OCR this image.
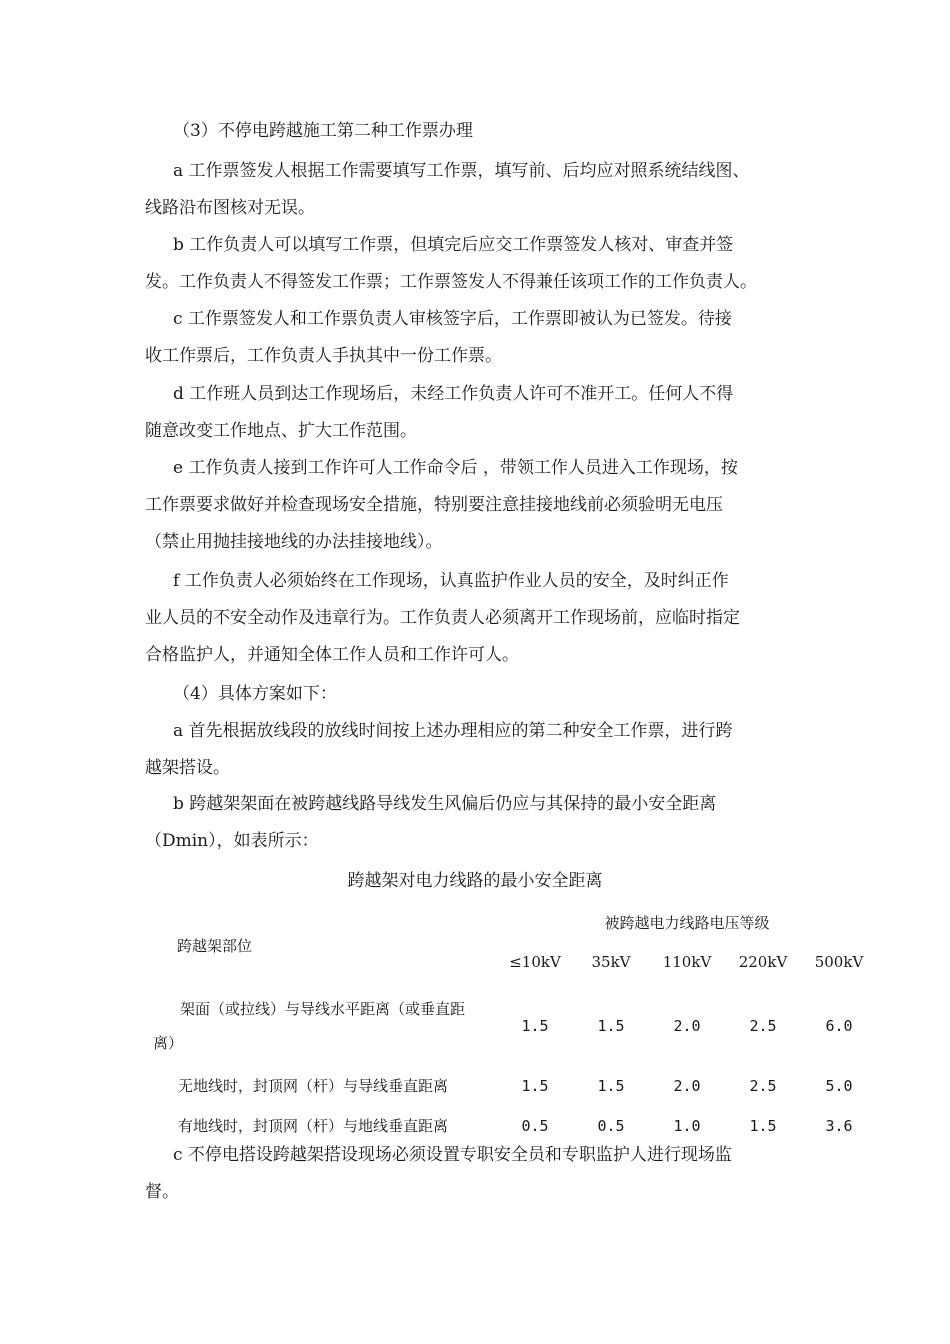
（3）不停电跨越施工第二种工作票办理

a 工作票签发人根据工作需要填写工作票，填写前、后均应对照系统结线图、
线路沿布图核对无误。

b 工作负责人可以填写工作票，但填完后应交工作票签发人核对、审查并签
发。工作负责人不得签发工作票；工作票签发人不得兼任该项工作的工作负责人。

c 工作票签发人和工作票负责人审核签字后，工作票即被认为已签发。待接
收工作票后，工作负责人手执其中一份工作票。

d 工作班人员到达工作现场后，未经工作负责人许可不准开工。任何人不得
随意改变工作地点、扩大工作范围。

e 工作负责人接到工作许可人工作命令后 ，带领工作人员进入工作现场，按
工作票要求做好并检查现场安全措施，特别要注意挂接地线前必须验明无电压
（禁止用抛挂接地线的办法挂接地线）。

f 工作负责人必须始终在工作现场，认真监护作业人员的安全，及时纠正作
业人员的不安全动作及违章行为。工作负责人必须离开工作现场前，应临时指定
合格监护人，并通知全体工作人员和工作许可人。

（4）具体方案如下：

a 首先根据放线段的放线时间按上述办理相应的第二种安全工作票，进行跨
越架搭设。

b 跨越架架面在被跨越线路导线发生风偏后仍应与其保持的最小安全距离
（Dmin），如表所示：

跨越架对电力线路的最小安全距离
跨越架部位	被跨越电力线路电压等级				
	≤10kV	35kV	110kV	220kV	500kV

架面（或拉线）与导线水平距离（或垂直距
离）	1.5	1.5	2.0	2.5	6.0

无地线时，封顶网（杆）与导线垂直距离	1.5	1.5	2.0	2.5	5.0

有地线时，封顶网（杆）与地线垂直距离	0.5	0.5	1.0	1.5	3.6

c 不停电搭设跨越架搭设现场必须设置专职安全员和专职监护人进行现场监
督。
